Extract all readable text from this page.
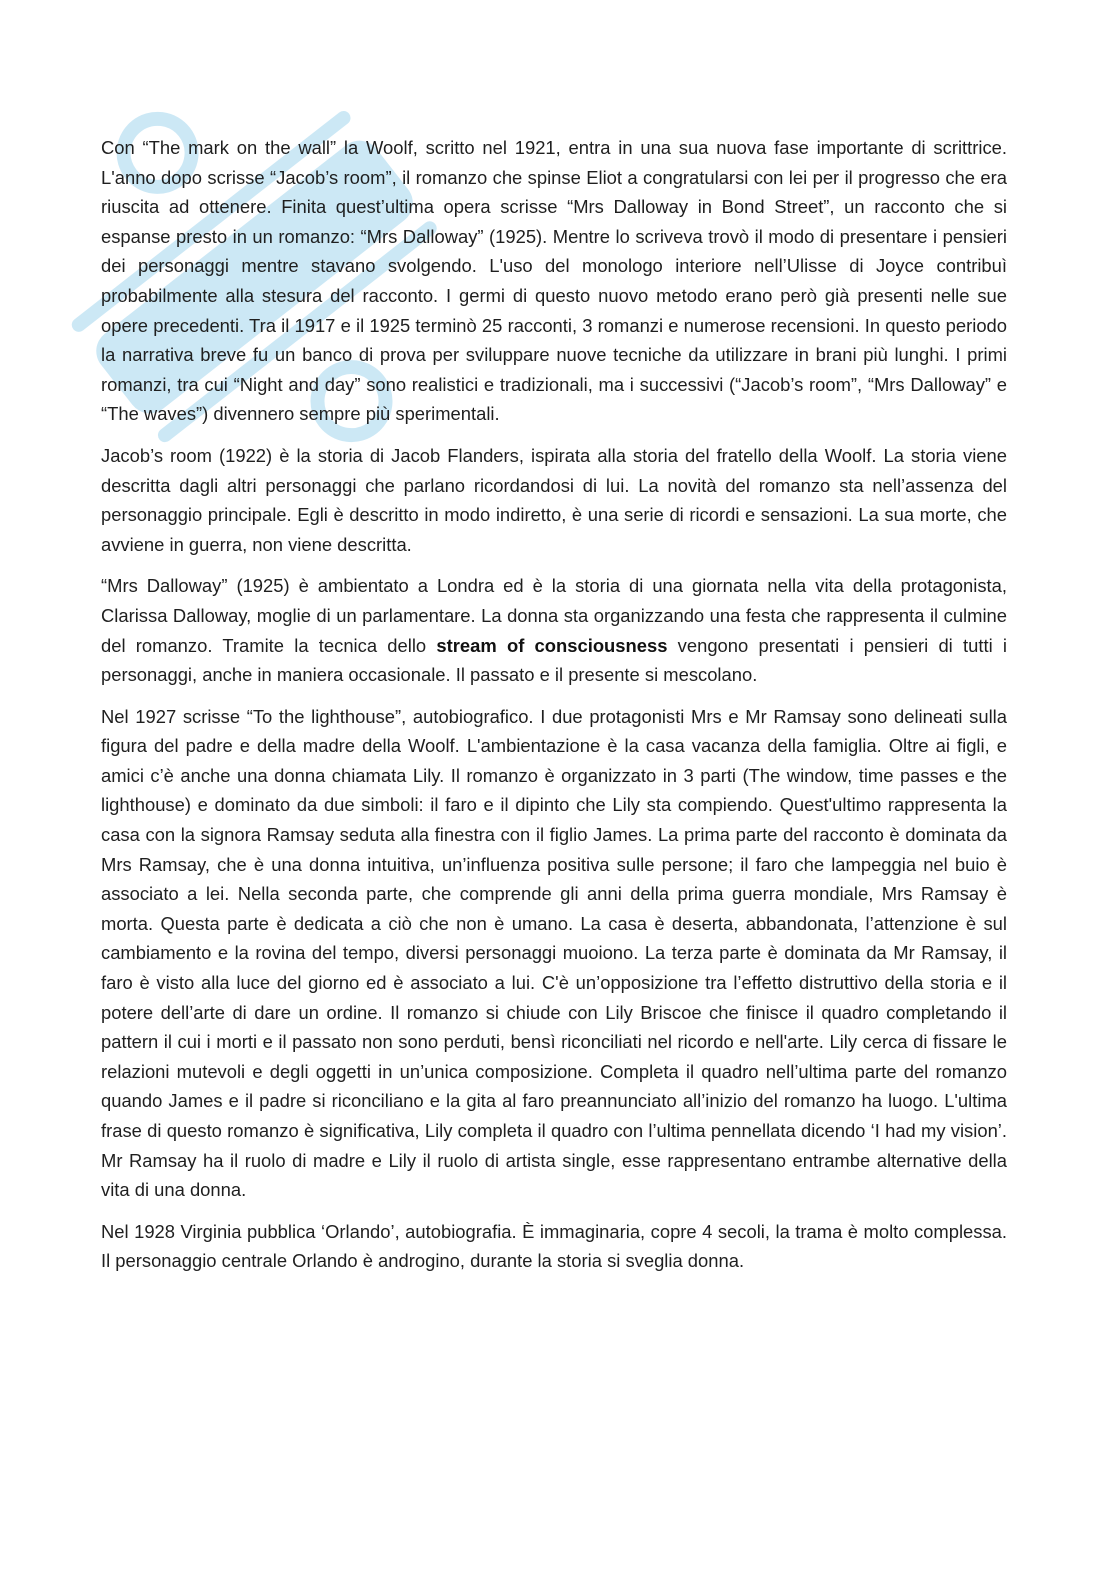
Con “The mark on the wall” la Woolf, scritto nel 1921, entra in una sua nuova fase importante di scrittrice. L'anno dopo scrisse “Jacob’s room”, il romanzo che spinse Eliot a congratularsi con lei per il progresso che era riuscita ad ottenere. Finita quest’ultima opera scrisse “Mrs Dalloway in Bond Street”, un racconto che si espanse presto in un romanzo: “Mrs Dalloway” (1925). Mentre lo scriveva trovò il modo di presentare i pensieri dei personaggi mentre stavano svolgendo. L'uso del monologo interiore nell’Ulisse di Joyce contribuì probabilmente alla stesura del racconto. I germi di questo nuovo metodo erano però già presenti nelle sue opere precedenti. Tra il 1917 e il 1925 terminò 25 racconti, 3 romanzi e numerose recensioni. In questo periodo la narrativa breve fu un banco di prova per sviluppare nuove tecniche da utilizzare in brani più lunghi. I primi romanzi, tra cui “Night and day” sono realistici e tradizionali, ma i successivi (“Jacob’s room”, “Mrs Dalloway” e “The waves”) divennero sempre più sperimentali.

Jacob’s room (1922) è la storia di Jacob Flanders, ispirata alla storia del fratello della Woolf. La storia viene descritta dagli altri personaggi che parlano ricordandosi di lui. La novità del romanzo sta nell’assenza del personaggio principale. Egli è descritto in modo indiretto, è una serie di ricordi e sensazioni. La sua morte, che avviene in guerra, non viene descritta.

“Mrs Dalloway” (1925) è ambientato a Londra ed è la storia di una giornata nella vita della protagonista, Clarissa Dalloway, moglie di un parlamentare. La donna sta organizzando una festa che rappresenta il culmine del romanzo. Tramite la tecnica dello stream of consciousness vengono presentati i pensieri di tutti i personaggi, anche in maniera occasionale. Il passato e il presente si mescolano.

Nel 1927 scrisse “To the lighthouse”, autobiografico. I due protagonisti Mrs e Mr Ramsay sono delineati sulla figura del padre e della madre della Woolf. L'ambientazione è la casa vacanza della famiglia. Oltre ai figli, e amici c’è anche una donna chiamata Lily. Il romanzo è organizzato in 3 parti (The window, time passes e the lighthouse) e dominato da due simboli: il faro e il dipinto che Lily sta compiendo. Quest'ultimo rappresenta la casa con la signora Ramsay seduta alla finestra con il figlio James. La prima parte del racconto è dominata da Mrs Ramsay, che è una donna intuitiva, un’influenza positiva sulle persone; il faro che lampeggia nel buio è associato a lei. Nella seconda parte, che comprende gli anni della prima guerra mondiale, Mrs Ramsay è morta. Questa parte è dedicata a ciò che non è umano. La casa è deserta, abbandonata, l’attenzione è sul cambiamento e la rovina del tempo, diversi personaggi muoiono. La terza parte è dominata da Mr Ramsay, il faro è visto alla luce del giorno ed è associato a lui. C'è un’opposizione tra l’effetto distruttivo della storia e il potere dell’arte di dare un ordine. Il romanzo si chiude con Lily Briscoe che finisce il quadro completando il pattern il cui i morti e il passato non sono perduti, bensì riconciliati nel ricordo e nell'arte. Lily cerca di fissare le relazioni mutevoli e degli oggetti in un’unica composizione. Completa il quadro nell’ultima parte del romanzo quando James e il padre si riconciliano e la gita al faro preannunciato all’inizio del romanzo ha luogo. L'ultima frase di questo romanzo è significativa, Lily completa il quadro con l’ultima pennellata dicendo ‘I had my vision’. Mr Ramsay ha il ruolo di madre e Lily il ruolo di artista single, esse rappresentano entrambe alternative della vita di una donna.

Nel 1928 Virginia pubblica ‘Orlando’, autobiografia. È immaginaria, copre 4 secoli, la trama è molto complessa. Il personaggio centrale Orlando è androgino, durante la storia si sveglia donna.
